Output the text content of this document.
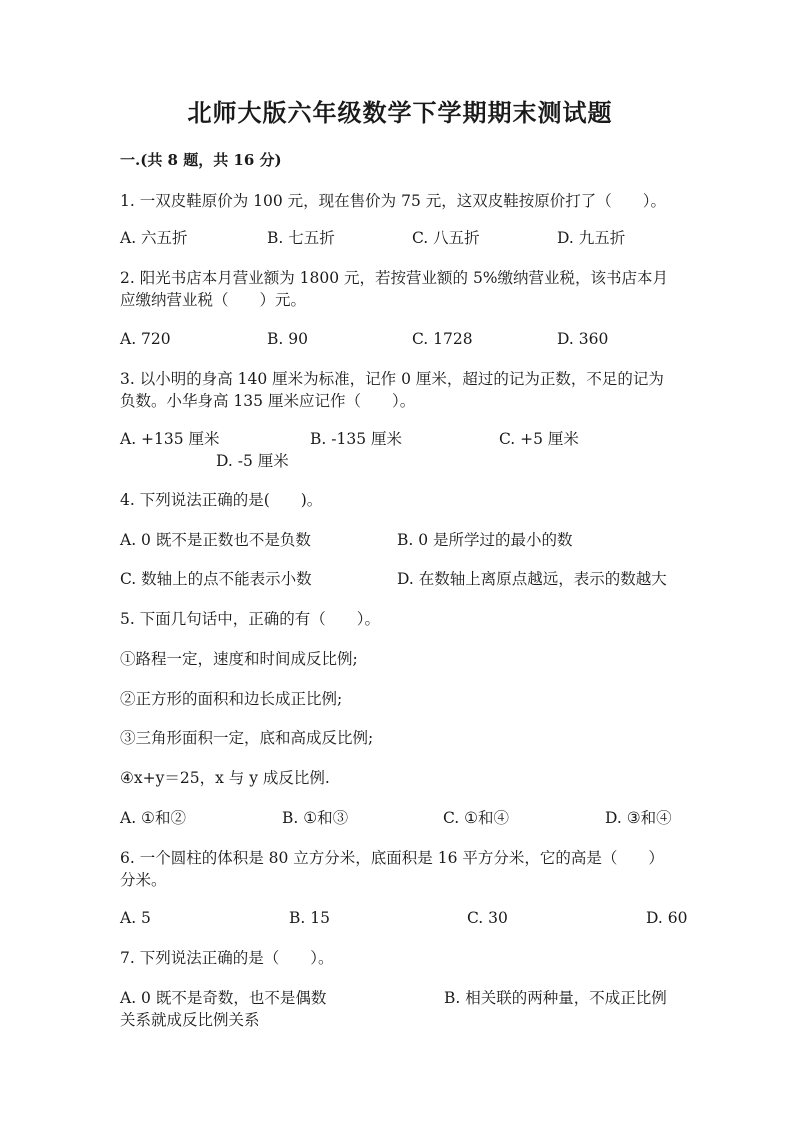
北师大版六年级数学下学期期末测试题
一.(共 8 题，共 16 分)
1. 一双皮鞋原价为 100 元，现在售价为 75 元，这双皮鞋按原价打了（　　）。
A. 六五折	B. 七五折	C. 八五折	D. 九五折
2. 阳光书店本月营业额为 1800 元，若按营业额的 5%缴纳营业税，该书店本月
应缴纳营业税（　　）元。
A. 720	B. 90	C. 1728	D. 360
3. 以小明的身高 140 厘米为标准，记作 0 厘米，超过的记为正数，不足的记为
负数。小华身高 135 厘米应记作（　　）。
A. +135 厘米	B. -135 厘米	C. +5 厘米
D. -5 厘米
4. 下列说法正确的是(　　)。
A. 0 既不是正数也不是负数	B. 0 是所学过的最小的数
C. 数轴上的点不能表示小数	D. 在数轴上离原点越远，表示的数越大
5. 下面几句话中，正确的有（　　）。
①路程一定，速度和时间成反比例;
②正方形的面积和边长成正比例;
③三角形面积一定，底和高成反比例;
④x+y＝25，x 与 y 成反比例.
A. ①和②	B. ①和③	C. ①和④	D. ③和④
6. 一个圆柱的体积是 80 立方分米，底面积是 16 平方分米，它的高是（　　）
分米。
A. 5	B. 15	C. 30	D. 60
7. 下列说法正确的是（　　）。
A. 0 既不是奇数，也不是偶数	B. 相关联的两种量，不成正比例
关系就成反比例关系
